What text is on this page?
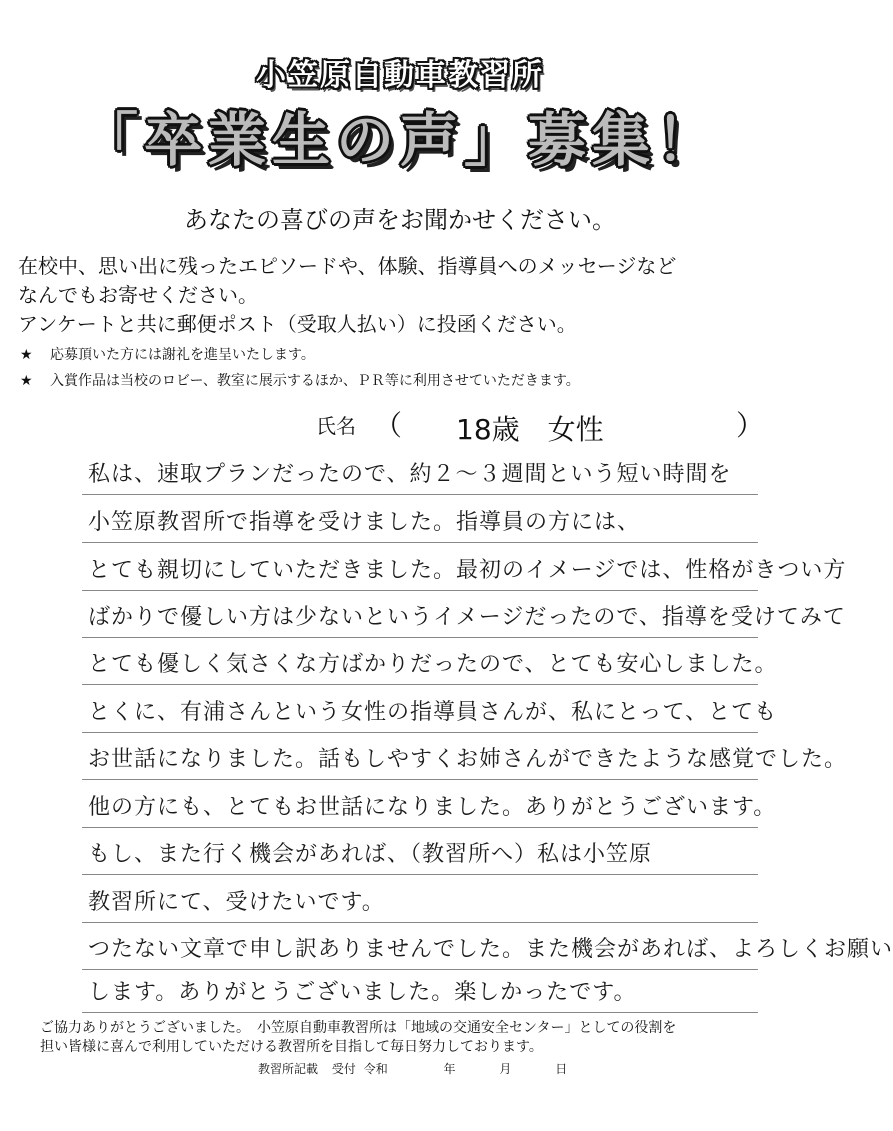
小笠原自動車教習所
「卒業生の声」募集！
あなたの喜びの声をお聞かせください。
在校中、思い出に残ったエピソードや、体験、指導員へのメッセージなど
なんでもお寄せください。
アンケートと共に郵便ポスト（受取人払い）に投函ください。
★ 応募頂いた方には謝礼を進呈いたします。
★ 入賞作品は当校のロビー、教室に展示するほか、ＰＲ等に利用させていただきます。
氏名 （ 18歳　女性	）
私は、速取プランだったので、約２～３週間という短い時間を
小笠原教習所で指導を受けました。指導員の方には、
とても親切にしていただきました。最初のイメージでは、性格がきつい方
ばかりで優しい方は少ないというイメージだったので、指導を受けてみて
とても優しく気さくな方ばかりだったので、とても安心しました。
とくに、有浦さんという女性の指導員さんが、私にとって、とても
お世話になりました。話もしやすくお姉さんができたような感覚でした。
他の方にも、とてもお世話になりました。ありがとうございます。
もし、また行く機会があれば、（教習所へ）私は小笠原
教習所にて、受けたいです。
つたない文章で申し訳ありませんでした。また機会があれば、よろしくお願い
します。ありがとうございました。楽しかったです。
ご協力ありがとうございました。　小笠原自動車教習所は「地域の交通安全センター」としての役割を
担い皆様に喜んで利用していただける教習所を目指して毎日努力しております。
教習所記載 受付 令和	年	月	日
